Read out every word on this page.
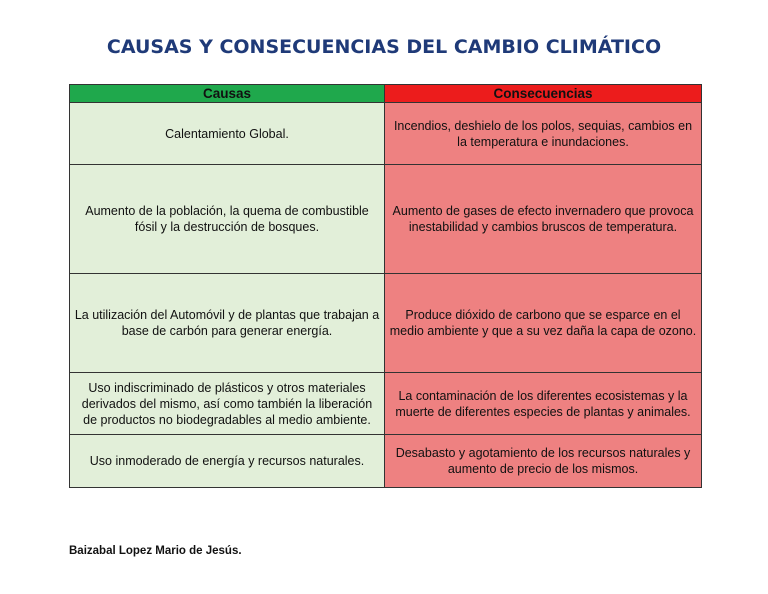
CAUSAS Y CONSECUENCIAS DEL CAMBIO CLIMÁTICO
Causas	Consecuencias
Calentamiento Global.	Incendios, deshielo de los polos, sequias, cambios en la temperatura e inundaciones.
Aumento de la población, la quema de combustible fósil y la destrucción de bosques.	Aumento de gases de efecto invernadero que provoca inestabilidad y cambios bruscos de temperatura.
La utilización del Automóvil y de plantas que trabajan a base de carbón para generar energía.	Produce dióxido de carbono que se esparce en el medio ambiente y que a su vez daña la capa de ozono.
Uso indiscriminado de plásticos y otros materiales derivados del mismo, así como también la liberación de productos no biodegradables al medio ambiente.	La contaminación de los diferentes ecosistemas y la muerte de diferentes especies de plantas y animales.
Uso inmoderado de energía y recursos naturales.	Desabasto y agotamiento de los recursos naturales y aumento de precio de los mismos.
Baizabal Lopez Mario de Jesús.
